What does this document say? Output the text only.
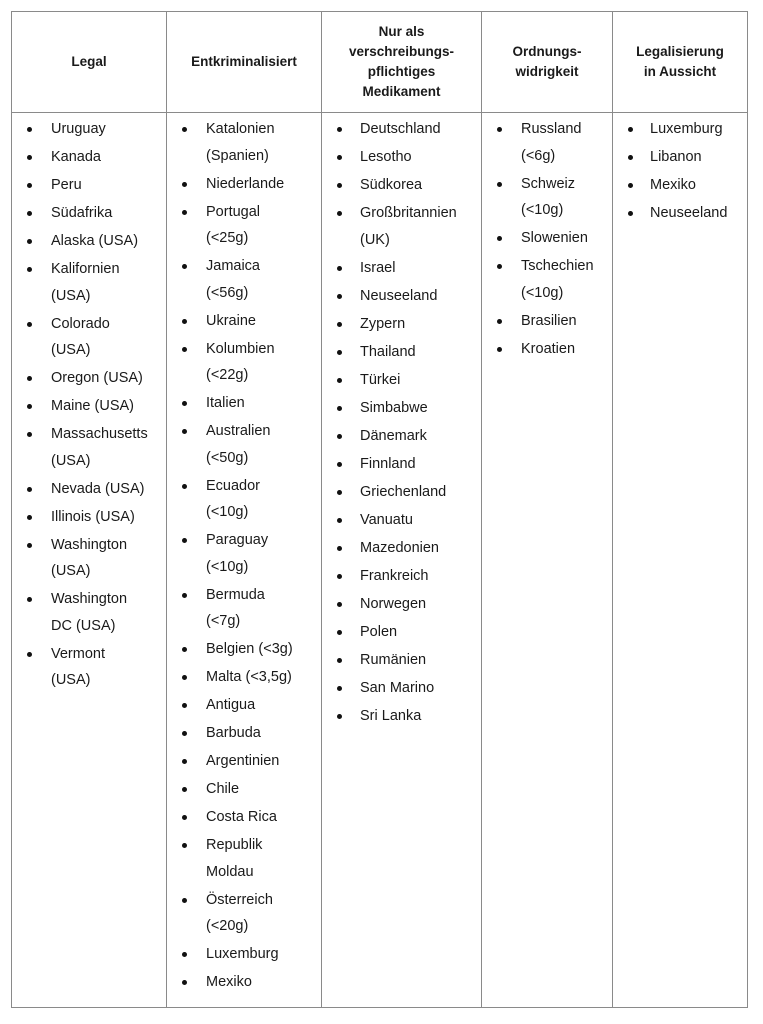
Legal	Entkriminalisiert
Nur als
verschreibungs-
pflichtiges
Medikament
Ordnungs-
widrigkeit
Legalisierung
in Aussicht
Uruguay
Kanada
Peru
Südafrika
Alaska (USA)
Kalifornien
(USA)
Colorado
(USA)
Oregon (USA)
Maine (USA)
Massachusetts
(USA)
Nevada (USA)
Illinois (USA)
Washington
(USA)
Washington
DC (USA)
Vermont
(USA)
Katalonien
(Spanien)
Niederlande
Portugal
(<25g)
Jamaica
(<56g)
Ukraine
Kolumbien
(<22g)
Italien
Australien
(<50g)
Ecuador
(<10g)
Paraguay
(<10g)
Bermuda
(<7g)
Belgien (<3g)
Malta (<3,5g)
Antigua
Barbuda
Argentinien
Chile
Costa Rica
Republik
Moldau
Österreich
(<20g)
Luxemburg
Mexiko
Deutschland
Lesotho
Südkorea
Großbritannien
(UK)
Israel
Neuseeland
Zypern
Thailand
Türkei
Simbabwe
Dänemark
Finnland
Griechenland
Vanuatu
Mazedonien
Frankreich
Norwegen
Polen
Rumänien
San Marino
Sri Lanka
Russland
(<6g)
Schweiz
(<10g)
Slowenien
Tschechien
(<10g)
Brasilien
Kroatien
Luxemburg
Libanon
Mexiko
Neuseeland
